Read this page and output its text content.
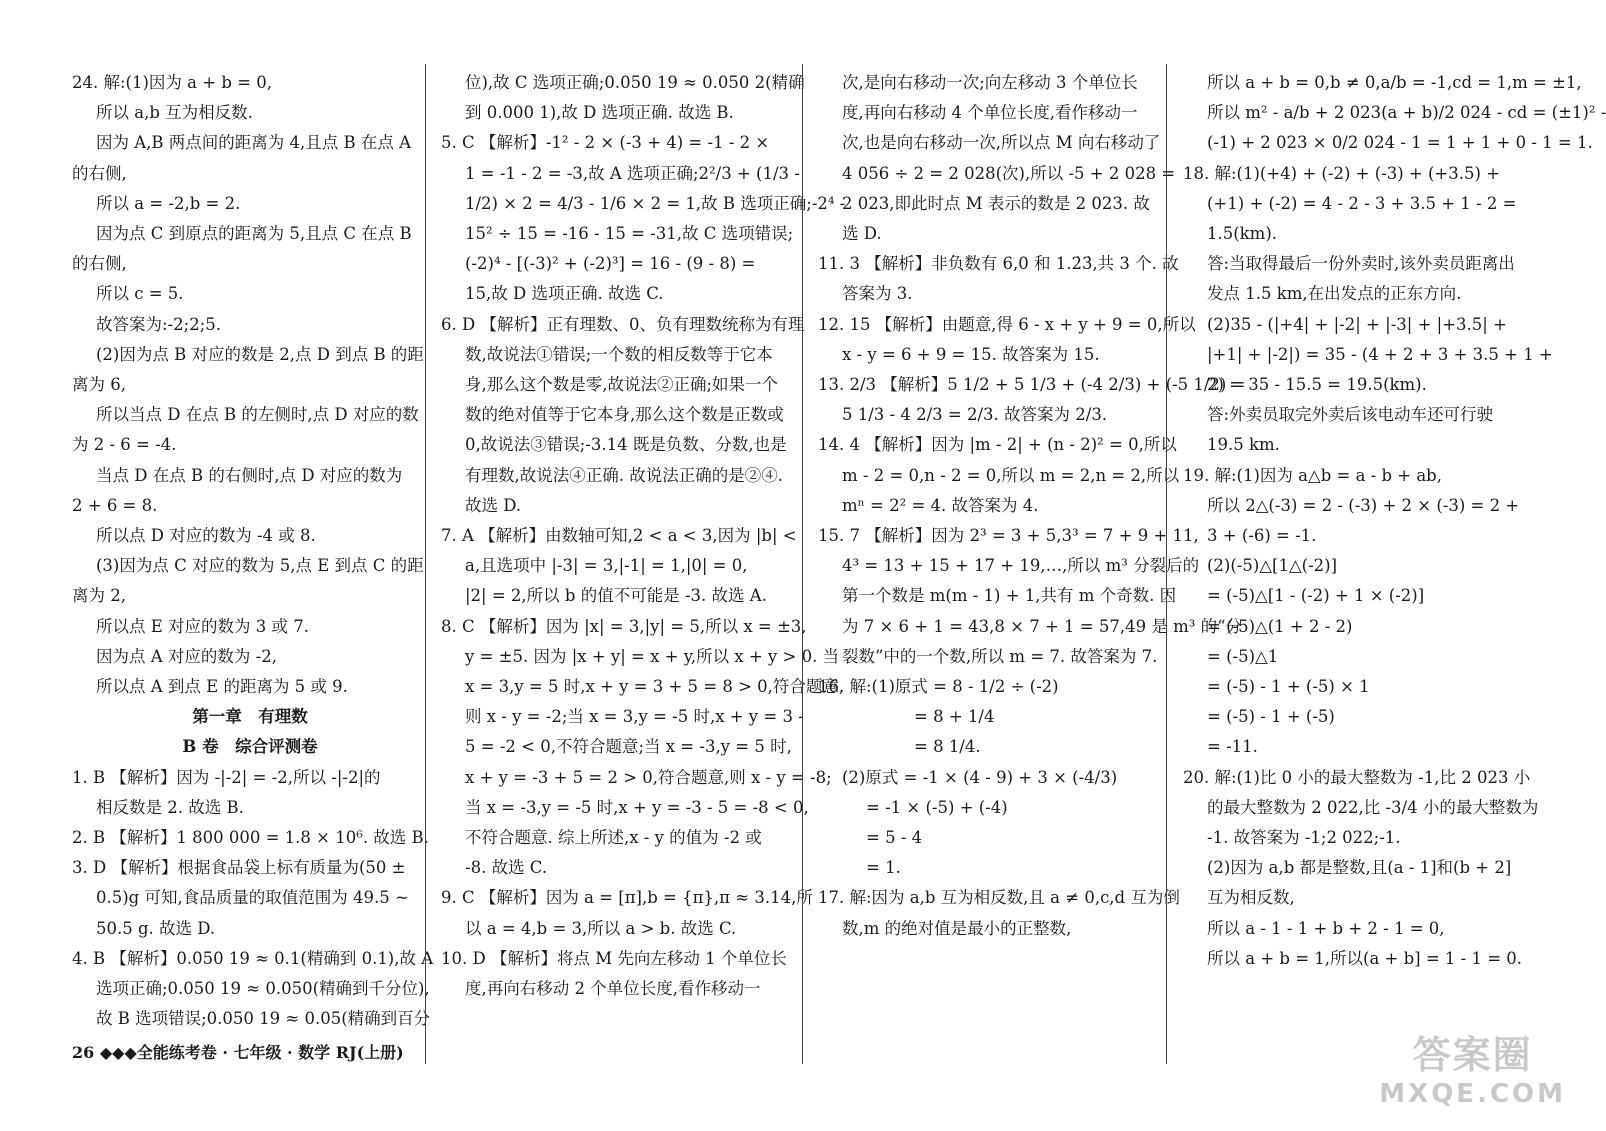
24. 解:(1)因为 a + b = 0,
所以 a,b 互为相反数.
因为 A,B 两点间的距离为 4,且点 B 在点 A
的右侧,
所以 a = -2,b = 2.
因为点 C 到原点的距离为 5,且点 C 在点 B
的右侧,
所以 c = 5.
故答案为:-2;2;5.
(2)因为点 B 对应的数是 2,点 D 到点 B 的距
离为 6,
所以当点 D 在点 B 的左侧时,点 D 对应的数
为 2 - 6 = -4.
当点 D 在点 B 的右侧时,点 D 对应的数为
2 + 6 = 8.
所以点 D 对应的数为 -4 或 8.
(3)因为点 C 对应的数为 5,点 E 到点 C 的距
离为 2,
所以点 E 对应的数为 3 或 7.
因为点 A 对应的数为 -2,
所以点 A 到点 E 的距离为 5 或 9.
第一章　有理数
B 卷　综合评测卷
1. B 【解析】因为 -|-2| = -2,所以 -|-2|的
相反数是 2. 故选 B.
2. B 【解析】1 800 000 = 1.8 × 10⁶. 故选 B.
3. D 【解析】根据食品袋上标有质量为(50 ±
0.5)g 可知,食品质量的取值范围为 49.5 ~
50.5 g. 故选 D.
4. B 【解析】0.050 19 ≈ 0.1(精确到 0.1),故 A
选项正确;0.050 19 ≈ 0.050(精确到千分位),
故 B 选项错误;0.050 19 ≈ 0.05(精确到百分
位),故 C 选项正确;0.050 19 ≈ 0.050 2(精确
到 0.000 1),故 D 选项正确. 故选 B.
5. C 【解析】-1² - 2 × (-3 + 4) = -1 - 2 ×
1 = -1 - 2 = -3,故 A 选项正确;2²/3 + (1/3 -
1/2) × 2 = 4/3 - 1/6 × 2 = 1,故 B 选项正确;-2⁴ -
15² ÷ 15 = -16 - 15 = -31,故 C 选项错误;
(-2)⁴ - [(-3)² + (-2)³] = 16 - (9 - 8) =
15,故 D 选项正确. 故选 C.
6. D 【解析】正有理数、0、负有理数统称为有理
数,故说法①错误;一个数的相反数等于它本
身,那么这个数是零,故说法②正确;如果一个
数的绝对值等于它本身,那么这个数是正数或
0,故说法③错误;-3.14 既是负数、分数,也是
有理数,故说法④正确. 故说法正确的是②④.
故选 D.
7. A 【解析】由数轴可知,2 < a < 3,因为 |b| <
a,且选项中 |-3| = 3,|-1| = 1,|0| = 0,
|2| = 2,所以 b 的值不可能是 -3. 故选 A.
8. C 【解析】因为 |x| = 3,|y| = 5,所以 x = ±3,
y = ±5. 因为 |x + y| = x + y,所以 x + y > 0. 当
x = 3,y = 5 时,x + y = 3 + 5 = 8 > 0,符合题意,
则 x - y = -2;当 x = 3,y = -5 时,x + y = 3 -
5 = -2 < 0,不符合题意;当 x = -3,y = 5 时,
x + y = -3 + 5 = 2 > 0,符合题意,则 x - y = -8;
当 x = -3,y = -5 时,x + y = -3 - 5 = -8 < 0,
不符合题意. 综上所述,x - y 的值为 -2 或
-8. 故选 C.
9. C 【解析】因为 a = [π],b = {π},π ≈ 3.14,所
以 a = 4,b = 3,所以 a > b. 故选 C.
10. D 【解析】将点 M 先向左移动 1 个单位长
度,再向右移动 2 个单位长度,看作移动一
次,是向右移动一次;向左移动 3 个单位长
度,再向右移动 4 个单位长度,看作移动一
次,也是向右移动一次,所以点 M 向右移动了
4 056 ÷ 2 = 2 028(次),所以 -5 + 2 028 =
2 023,即此时点 M 表示的数是 2 023. 故
选 D.
11. 3 【解析】非负数有 6,0 和 1.2̇3̇,共 3 个. 故
答案为 3.
12. 15 【解析】由题意,得 6 - x + y + 9 = 0,所以
x - y = 6 + 9 = 15. 故答案为 15.
13. 2/3 【解析】5 1/2 + 5 1/3 + (-4 2/3) + (-5 1/2) =
5 1/3 - 4 2/3 = 2/3. 故答案为 2/3.
14. 4 【解析】因为 |m - 2| + (n - 2)² = 0,所以
m - 2 = 0,n - 2 = 0,所以 m = 2,n = 2,所以
mⁿ = 2² = 4. 故答案为 4.
15. 7 【解析】因为 2³ = 3 + 5,3³ = 7 + 9 + 11,
4³ = 13 + 15 + 17 + 19,…,所以 m³ 分裂后的
第一个数是 m(m - 1) + 1,共有 m 个奇数. 因
为 7 × 6 + 1 = 43,8 × 7 + 1 = 57,49 是 m³ 的“分
裂数”中的一个数,所以 m = 7. 故答案为 7.
16. 解:(1)原式 = 8 - 1/2 ÷ (-2)
= 8 + 1/4
= 8 1/4.
(2)原式 = -1 × (4 - 9) + 3 × (-4/3)
= -1 × (-5) + (-4)
= 5 - 4
= 1.
17. 解:因为 a,b 互为相反数,且 a ≠ 0,c,d 互为倒
数,m 的绝对值是最小的正整数,
所以 a + b = 0,b ≠ 0,a/b = -1,cd = 1,m = ±1,
所以 m² - a/b + 2 023(a + b)/2 024 - cd = (±1)² -
(-1) + 2 023 × 0/2 024 - 1 = 1 + 1 + 0 - 1 = 1.
18. 解:(1)(+4) + (-2) + (-3) + (+3.5) +
(+1) + (-2) = 4 - 2 - 3 + 3.5 + 1 - 2 =
1.5(km).
答:当取得最后一份外卖时,该外卖员距离出
发点 1.5 km,在出发点的正东方向.
(2)35 - (|+4| + |-2| + |-3| + |+3.5| +
|+1| + |-2|) = 35 - (4 + 2 + 3 + 3.5 + 1 +
2) = 35 - 15.5 = 19.5(km).
答:外卖员取完外卖后该电动车还可行驶
19.5 km.
19. 解:(1)因为 a△b = a - b + ab,
所以 2△(-3) = 2 - (-3) + 2 × (-3) = 2 +
3 + (-6) = -1.
(2)(-5)△[1△(-2)]
= (-5)△[1 - (-2) + 1 × (-2)]
= (-5)△(1 + 2 - 2)
= (-5)△1
= (-5) - 1 + (-5) × 1
= (-5) - 1 + (-5)
= -11.
20. 解:(1)比 0 小的最大整数为 -1,比 2 023 小
的最大整数为 2 022,比 -3/4 小的最大整数为
-1. 故答案为 -1;2 022;-1.
(2)因为 a,b 都是整数,且(a - 1]和(b + 2]
互为相反数,
所以 a - 1 - 1 + b + 2 - 1 = 0,
所以 a + b = 1,所以(a + b] = 1 - 1 = 0.
26 ◆◆◆全能练考卷 · 七年级 · 数学 RJ(上册)	答案圈
MXQE.COM
